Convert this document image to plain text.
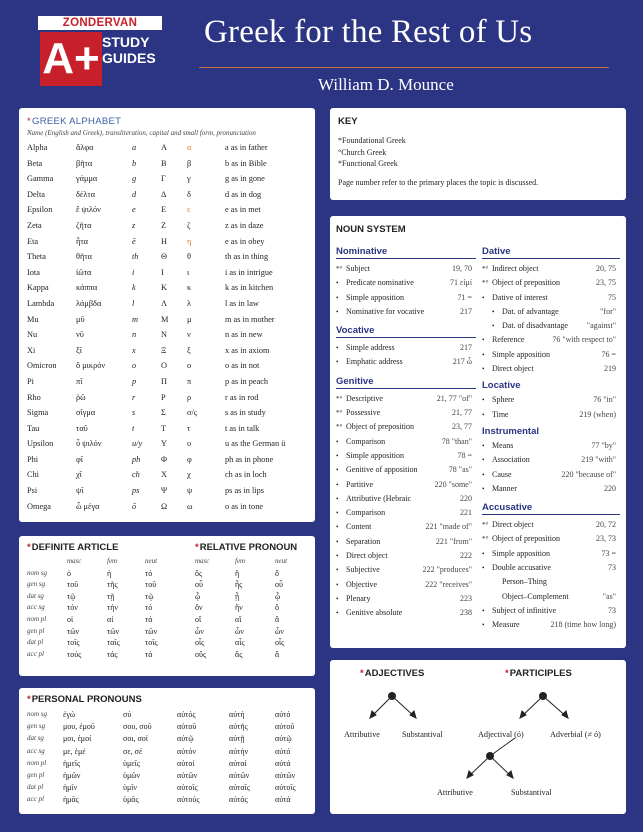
ZONDERVAN
A+ STUDY
GUIDES
Greek for the Rest of Us
William D. Mounce
*GREEK ALPHABET
Name (English and Greek), transliteration, capital and small form, pronunciation
Alpha	ἄλφα	a	Α α	a as in father
Beta	βῆτα	b	Β β	b as in Bible
Gamma	γάμμα	g	Γ	γ	g as in gone
Delta	δέλτα	d	Δ δ	d as in dog
Epsilon	ἒ ψιλόν	e	Ε	ε	e as in met
Zeta	ζῆτα	z	Ζ	ζ	z as in daze
Eta	ἦτα	ē	Η η	e as in obey
Theta	θῆτα	th	Θ θ	th as in thing
Iota	ἰῶτα	i	Ι	ι	i as in intrigue
Kappa	κάππα	k	Κ κ	k as in kitchen
Lambda	λάμβδα	l	Λ λ	l as in law
Mu	μῦ	m	Μ μ	m as in mother
Nu	νῦ	n	Ν ν	n as in new
Xi	ξῖ	x	Ξ ξ	x as in axiom
Omicron ὂ μικρόν	o	Ο ο	o as in not
Pi	πῖ	p	Π π	p as in peach
Rho	ῥῶ	r	Ρ	ρ	r as in rod
Sigma	σῖγμα	s	Σ	σ/ς	s as in study
Tau	ταῦ	t	Τ	τ	t as in talk
Upsilon	ὖ ψιλόν	u/y Υ υ	u as the German ü
Phi	φῖ	ph Φ φ	ph as in phone
Chi	χῖ	ch	Χ χ	ch as in loch
Psi	ψῖ	ps	Ψ ψ	ps as in lips
Omega	ὦ μέγα	ō	Ω ω	o as in tone
KEY
*Foundational Greek
°Church Greek
*Functional Greek
Page number refer to the primary places the topic is discussed.
NOUN SYSTEM
Nominative
*° Subject	19, 70
• Predicate nominative	71 εἰμί
• Simple apposition	71 =
• Nominative for vocative	217
Vocative
• Simple address	217
• Emphatic address	217 ὦ
Genitive
*° Descriptive	21, 77 "of"
*° Possessive	21, 77
*° Object of preposition	23, 77
• Comparison	78 "than"
• Simple apposition	78 =
• Genitive of apposition	78 "as"
• Partitive	220 "some"
• Attributive (Hebraic	220
• Comparison	221
• Content	221 "made of"
• Separation	221 "from"
• Direct object	222
• Subjective	222 "produces"
• Objective	222 "receives"
• Plenary	223
• Genitive absolute	238
Dative
*° Indirect object	20, 75
*° Object of preposition	23, 75
• Dative of interest	75
• Dat. of advantage	"for"
• Dat. of disadvantage "against"
• Reference	76 "with respect to"
• Simple apposition	76 =
• Direct object	219
Locative
• Sphere	76 "in"
• Time	219 (when)
Instrumental
• Means	77 "by"
• Association	219 "with"
• Cause	220 "because of"
• Manner	220
Accusative
*° Direct object	20, 72
*° Object of preposition	23, 73
• Simple apposition	73 =
• Double accusative	73
Person–Thing
Object–Complement	"as"
• Subject of infinitive	73
• Measure	218 (time how long)
*DEFINITE ARTICLE	*RELATIVE PRONOUN
masc	fem	neut	masc	fem	neut
nom sg ὁ	ἡ	τό	ὅς	ἥ	ὅ
gen sg	τοῦ	τῆς	τοῦ	οὗ	ἧς	οὗ
dat sg	τῷ	τῇ	τῷ	ᾧ	ᾗ	ᾧ
acc sg	τόν	τήν	τό	ὅν	ἥν	ὅ
nom pl	οἱ	αἱ	τά	οἵ	αἵ	ἅ
gen pl	τῶν	τῶν	τῶν	ὧν	ὧν	ὧν
dat pl	τοῖς	ταῖς	τοῖς	οἷς	αἷς	οἷς
acc pl	τούς	τάς	τά	οὕς	ἅς	ἅ
*PERSONAL PRONOUNS
nom sg ἐγώ	σύ	αὐτός	αὐτή	αὐτό
gen sg μου, ἐμοῦ	σου, σοῦ	αὐτοῦ	αὐτῆς	αὐτοῦ
dat sg μοι, ἐμοί	σοι, σοί	αὐτῷ	αὐτῇ	αὐτῷ
acc sg με, ἐμέ	σε, σέ	αὐτόν	αὐτήν	αὐτό
nom pl ἡμεῖς	ὑμεῖς	αὐτοί	αὐταί	αὐτά
gen pl ἡμῶν	ὑμῶν	αὐτῶν	αὐτῶν	αὐτῶν
dat pl ἡμῖν	ὑμῖν	αὐτοῖς	αὐταῖς	αὐτοῖς
acc pl ἡμᾶς	ὑμᾶς	αὐτούς	αὐτάς	αὐτά
*ADJECTIVES	*PARTICIPLES
Attributive	Substantival	Adjectival (ó)	Adverbial (≠ ó)
Attributive	Substantival
